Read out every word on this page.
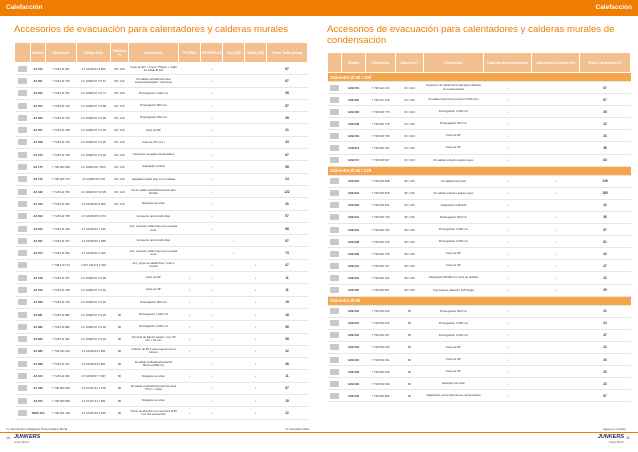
Calefacción
Accesorios de evacuación para calentadores y calderas murales
	Modelo	Referencia	Código EAN	Diámetro (*)	Descripción	TR (ERU)	HYDROPLUS	ECO (EII)	OASIS (EII)	Precio Tarifa (euros)
	AZ 100	7 738 111 397	4 0 10009 61 8 860	80 / 110	Codo de 90° + Tramo 750mm + rejilla de salida Ø 110		•			67
	AZ 201	7 738 111 790	4 0 10009 97 4 8 57	80 / 110	Kit salida vertical/horizontal concentrica/tejado / chimenea		•			67
	AZ 202	7 738 111 791	4 0 10009 97 4 8 71	80 / 110	Prolongación 1.000 mm		•			38
	AZ 204	7 738 111 793	4 0 10009 97 4 8 88	80 / 110	Prolongación 500 mm		•			57
	AZ 205	7 738 111 794	4 0 10009 97 4 8 95	80 / 110	Prolongación 250 mm		•			28
	AZ 207	7 738 111 798	4 0 10009 97 4 2 18	80 / 110	Codo de 90°		•			21
	AZ 208	7 738 111 792	4 0 10009 97 4 9 25	80 / 110	Codo de 45° (2 u.)		•			33
	AZ 270	7 738 111 795	4 0 10009 97 4 3 46	80 / 110	Accesorio recogida condensados		•			67
	AZ 175	7 738 003 899	4 0 10009 82 7 86 6	80 / 110	Adaptador vertical		•			98
	AZ 176	7 738 003 747	4 0 10009 63 3 18	80 / 110	Adaptador doble flujo con 2 salidas		•			24
	AZ 182	7 738 111 783	4 0 10009 97 4 8 95	80 / 110	Kit de salida vertical/horizontal tubo flexible		•			122
	AZ 223	7 738 111 402	4 0 10009 55 8 989	80 / 110	Manguito de unión		•			20
	AZ 293	7 738 111 768	4 0 10009 66 5 970		Accesorio unión doble flujo		•			57
	AZ 294	7 738 111 493	4 0 10009 62 1 300		Acc. conexión doble flujo con recogida cond.		•			88
	AZ 297	7 738 111 767	4 0 10009 66 4 988		Accesorio unión doble flujo			•		57
	AZ 254	7 738 111 993	4 0 10009 62 2 306		Acc. conexión doble flujo con recogida cond.			•		73
		7 738 110 714	4 047 416 0 8 2 394		Acc. grupo de salida flujo / codo a circuito		•		•	47
	AZ 278	7 738 111 767	4 0 10009 97 4 8 95		Codo de 90°	•	•		•	11
	AZ 279	7 738 111 768	4 0 10009 97 4 9 01		Codo de 45°	•	•		•	11
	AZ 280	7 738 111 769	4 0 10009 97 4 9 18		Prolongación 500 mm	•	•		•	15
	AZ 281	7 738 111 883	4 0 10009 97 4 9 25	80	Prolongación 1.000 mm	•	•		•	18
	AZ 282	7 738 111 882	4 0 10009 97 4 9 32	80	Prolongación 2.000 mm	•	•		•	36
	AZ 283	7 738 111 402	4 0 10009 97 4 9 49	80	Terminal de fijación tejado / vert. 80 mm + 50 mm	•	•		•	38
	AZ 285	7 738 003 119	4 0 10009 63 2 881	80	Collarín de 80 ø para sujeción de la tubería	•	•		•	12
	AZ 289	7 738 111 407	4 0 10009 63 9 861	80	Kit salida vertical/horizontal (D 80mm+2x80mm)		•		•	46
	AZ 224	7 738 111 962	4 0 10009 97 7 997	80	Manguito de unión	•	•		•	11
	AZ 226	7 738 003 883	4 0 47416 21 1 978	80	Kit salida vertical/horizontal (terminal 75mm + tubo)		•		•	57
	AZ 224	7 738 003 882	4 0 47416 21 1 961	80	Manguito de unión		•		•	15
	TRES 024	7 738 001 129	4 0 47416 80 4 409	80	Tramo de aluminio con soportes Ø 80 con dos accesorios	•	•		•	12
(*) Intercambio obligatorio Para Caldera Mural	(*) Consultar tabla
10 JUNKERS
Grupo Bosch
Calefacción
Accesorios de evacuación para calentadores y calderas murales de condensación
	Modelo	Referencia	Diámetro (*)	Descripción	Calderas de condensación	Calentadores Celsius Pur	Precio Tarifa (euros) €
Diámetro Ø 60 / 100							
	AZB 604	7 738 112 131	60 / 100	Accesorio de salida horizontal para calderas de condensación	•		67
	AZB 605	7 738 112 139	60 / 100	Kit salida horizontal (conexión 1000 mm)	•		67
	AZB 606	7 738 002 776	60 / 100	Prolongación 1.000 mm	•		28
	AZB 608	7 738 002 778	60 / 100	Prolongación 500 mm	•		22
	AZB 609	7 738 002 780	60 / 100	Codo de 90°	•		33
	AZB 611	7 738 002 781	60 / 100	Codo de 45°	•		38
	AZB 617	7 738 002 847	60 / 100	Kit salida vertical a tejado negro	•		84
Diámetro Ø 80 / 125							
	AZB 916	7 738 002 848	80 / 125	Kit salida horizontal	•	•	149
	AZB 918	7 738 002 849	80 / 125	Kit salida vertical a tejado negro	•	•	185
	AZB 932	7 738 003 331	60 / 125	Adaptación a 80/125	•		22
	AZB 941	7 738 002 749	80 / 125	Prolongación 500 mm	•	•	36
	AZB 931	7 738 002 764	80 / 125	Prolongación 1.000 mm	•	•	57
	AZB 938	7 738 002 765	80 / 125	Prolongación 2.000 mm	•	•	61
	AZB 936	7 738 002 766	80 / 125	Codo de 90°	•	•	42
	AZB 931	7 738 002 767	80 / 125	Codo de 45°	•	•	47
	AZB 934	7 738 001 194	80 / 125	Adaptación 60/100 con toma de análisis	•	•	22
	AZB 935	7 738 002 857	80 / 125	Teja soporte diámetro 125 Negra	•	•	29
Diámetro Ø 80							
	AZB 022	7 738 001 020	80	Prolongación 500 mm	•		21
	AZB 021	7 738 001 020	80	Prolongación 1.000 mm	•		24
	AZB 022	7 738 001 027	80	Prolongación 2.000 mm	•		47
	AZB 023	7 738 001 030	80	Codo de 90°	•		22
	AZB 024	7 738 001 031	80	Codo de 45°	•		20
	AZB 028	7 738 001 035	80	Codo de 45°	•		23
	AZB 029	7 738 001 034	80	Manguito de unión	•		22
	AZB 030	7 738 002 850	80	Adaptación a tres tuberías de condensación	•		57
Sigue en revisión
11
JUNKERS
Grupo Bosch
